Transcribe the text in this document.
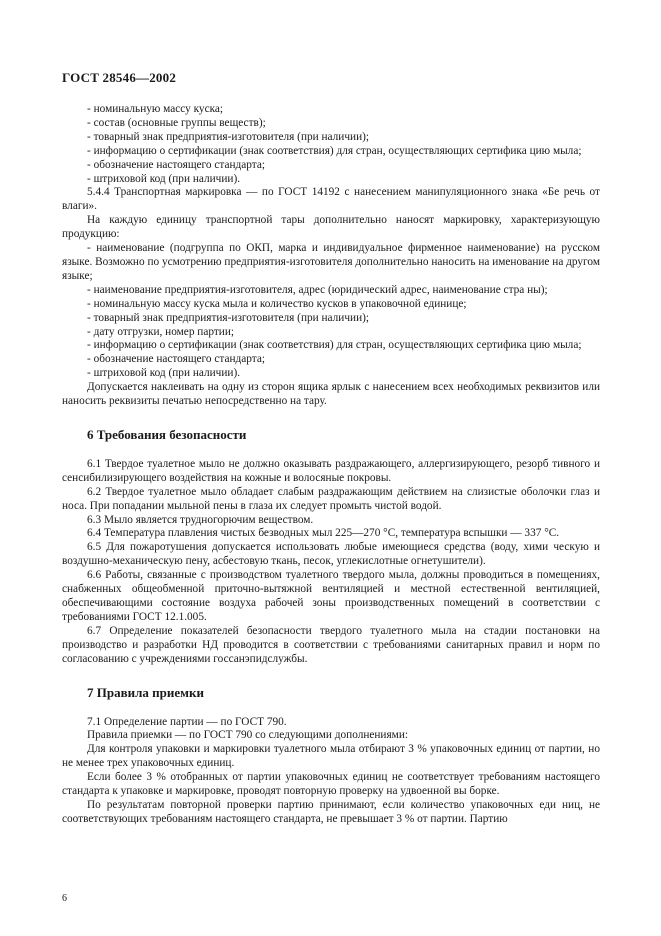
ГОСТ 28546—2002

- номинальную массу куска;

- состав (основные группы веществ);

- товарный знак предприятия-изготовителя (при наличии);

- информацию о сертификации (знак соответствия) для стран, осуществляющих сертифика цию мыла;

- обозначение настоящего стандарта;

- штриховой код (при наличии).

5.4.4 Транспортная маркировка — по ГОСТ 14192 с нанесением манипуляционного знака «Бе речь от влаги».

На каждую единицу транспортной тары дополнительно наносят маркировку, характеризующую продукцию:

- наименование (подгруппа по ОКП, марка и индивидуальное фирменное наименование) на русском языке. Возможно по усмотрению предприятия-изготовителя дополнительно наносить на именование на другом языке;

- наименование предприятия-изготовителя, адрес (юридический адрес, наименование стра ны);

- номинальную массу куска мыла и количество кусков в упаковочной единице;

- товарный знак предприятия-изготовителя (при наличии);

- дату отгрузки, номер партии;

- информацию о сертификации (знак соответствия) для стран, осуществляющих сертифика цию мыла;

- обозначение настоящего стандарта;

- штриховой код (при наличии).

Допускается наклеивать на одну из сторон ящика ярлык с нанесением всех необходимых реквизитов или наносить реквизиты печатью непосредственно на тару.

6 Требования безопасности

6.1 Твердое туалетное мыло не должно оказывать раздражающего, аллергизирующего, резорб тивного и сенсибилизирующего воздействия на кожные и волосяные покровы.

6.2 Твердое туалетное мыло обладает слабым раздражающим действием на слизистые оболочки глаз и носа. При попадании мыльной пены в глаза их следует промыть чистой водой.

6.3 Мыло является трудногорючим веществом.

6.4 Температура плавления чистых безводных мыл 225—270 °С, температура вспышки — 337 °С.

6.5 Для пожаротушения допускается использовать любые имеющиеся средства (воду, хими ческую и воздушно-механическую пену, асбестовую ткань, песок, углекислотные огнетушители).

6.6 Работы, связанные с производством туалетного твердого мыла, должны проводиться в помещениях, снабженных общеобменной приточно-вытяжной вентиляцией и местной естественной вентиляцией, обеспечивающими состояние воздуха рабочей зоны производственных помещений в соответствии с требованиями ГОСТ 12.1.005.

6.7 Определение показателей безопасности твердого туалетного мыла на стадии постановки на производство и разработки НД проводится в соответствии с требованиями санитарных правил и норм по согласованию с учреждениями госсанэпидслужбы.

7 Правила приемки

7.1 Определение партии — по ГОСТ 790.

Правила приемки — по ГОСТ 790 со следующими дополнениями:

Для контроля упаковки и маркировки туалетного мыла отбирают 3 % упаковочных единиц от партии, но не менее трех упаковочных единиц.

Если более 3 % отобранных от партии упаковочных единиц не соответствует требованиям настоящего стандарта к упаковке и маркировке, проводят повторную проверку на удвоенной вы борке.

По результатам повторной проверки партию принимают, если количество упаковочных еди ниц, не соответствующих требованиям настоящего стандарта, не превышает 3 % от партии. Партию

6
